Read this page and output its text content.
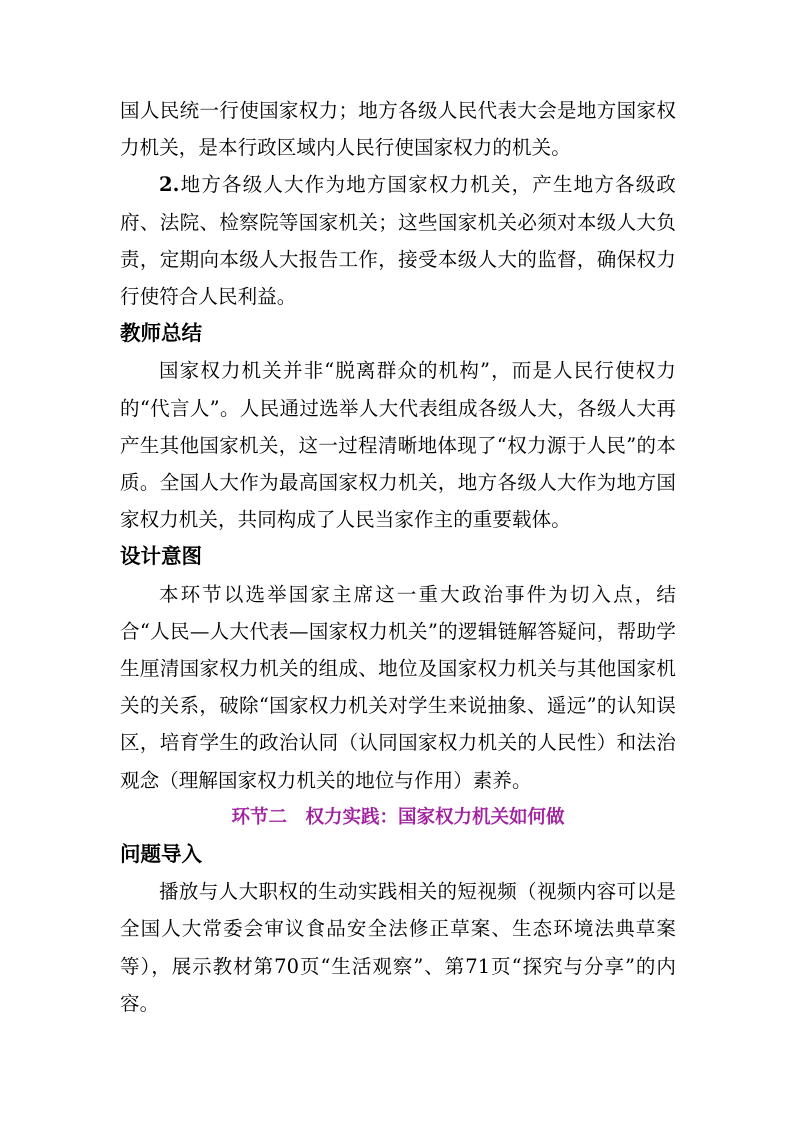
国人民统一行使国家权力；地方各级人民代表大会是地方国家权力机关，是本行政区域内人民行使国家权力的机关。

2.地方各级人大作为地方国家权力机关，产生地方各级政府、法院、检察院等国家机关；这些国家机关必须对本级人大负责，定期向本级人大报告工作，接受本级人大的监督，确保权力行使符合人民利益。

教师总结

国家权力机关并非“脱离群众的机构”，而是人民行使权力的“代言人”。人民通过选举人大代表组成各级人大，各级人大再产生其他国家机关，这一过程清晰地体现了“权力源于人民”的本质。全国人大作为最高国家权力机关，地方各级人大作为地方国家权力机关，共同构成了人民当家作主的重要载体。

设计意图

本环节以选举国家主席这一重大政治事件为切入点，结合“人民—人大代表—国家权力机关”的逻辑链解答疑问，帮助学生厘清国家权力机关的组成、地位及国家权力机关与其他国家机关的关系，破除“国家权力机关对学生来说抽象、遥远”的认知误区，培育学生的政治认同（认同国家权力机关的人民性）和法治观念（理解国家权力机关的地位与作用）素养。

环节二　权力实践：国家权力机关如何做
问题导入

播放与人大职权的生动实践相关的短视频（视频内容可以是全国人大常委会审议食品安全法修正草案、生态环境法典草案等），展示教材第70页“生活观察”、第71页“探究与分享”的内容。
